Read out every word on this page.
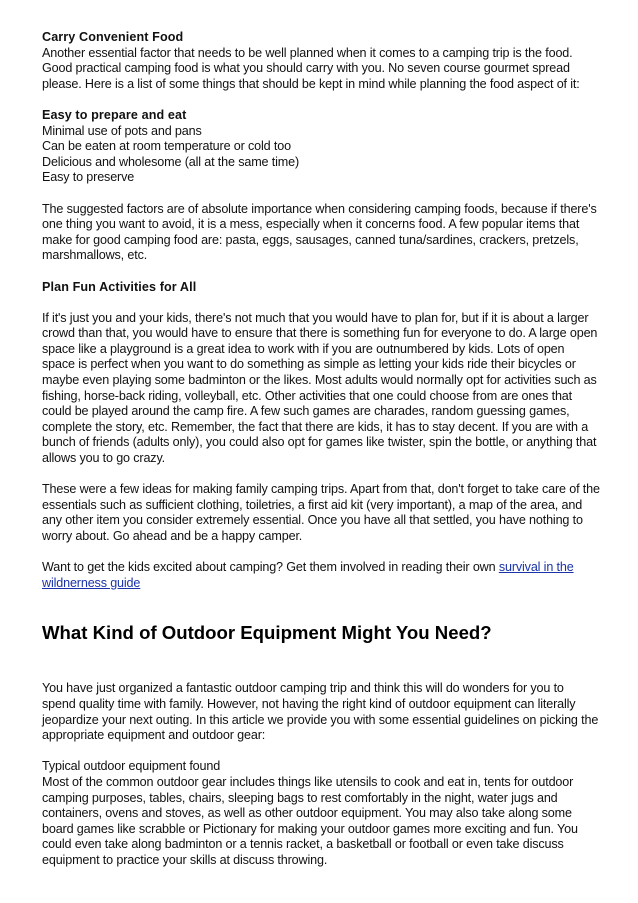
Carry Convenient Food

Another essential factor that needs to be well planned when it comes to a camping trip is the food. Good practical camping food is what you should carry with you. No seven course gourmet spread please. Here is a list of some things that should be kept in mind while planning the food aspect of it:

Easy to prepare and eat

Minimal use of pots and pans
Can be eaten at room temperature or cold too
Delicious and wholesome (all at the same time)
Easy to preserve

The suggested factors are of absolute importance when considering camping foods, because if there's one thing you want to avoid, it is a mess, especially when it concerns food. A few popular items that make for good camping food are: pasta, eggs, sausages, canned tuna/sardines, crackers, pretzels, marshmallows, etc.

Plan Fun Activities for All

If it's just you and your kids, there's not much that you would have to plan for, but if it is about a larger crowd than that, you would have to ensure that there is something fun for everyone to do. A large open space like a playground is a great idea to work with if you are outnumbered by kids. Lots of open space is perfect when you want to do something as simple as letting your kids ride their bicycles or maybe even playing some badminton or the likes. Most adults would normally opt for activities such as fishing, horse-back riding, volleyball, etc. Other activities that one could choose from are ones that could be played around the camp fire. A few such games are charades, random guessing games, complete the story, etc. Remember, the fact that there are kids, it has to stay decent. If you are with a bunch of friends (adults only), you could also opt for games like twister, spin the bottle, or anything that allows you to go crazy.

These were a few ideas for making family camping trips. Apart from that, don't forget to take care of the essentials such as sufficient clothing, toiletries, a first aid kit (very important), a map of the area, and any other item you consider extremely essential. Once you have all that settled, you have nothing to worry about. Go ahead and be a happy camper.

Want to get the kids excited about camping? Get them involved in reading their own survival in the wildnerness guide

What Kind of Outdoor Equipment Might You Need?

You have just organized a fantastic outdoor camping trip and think this will do wonders for you to spend quality time with family. However, not having the right kind of outdoor equipment can literally jeopardize your next outing. In this article we provide you with some essential guidelines on picking the appropriate equipment and outdoor gear:

Typical outdoor equipment found

Most of the common outdoor gear includes things like utensils to cook and eat in, tents for outdoor camping purposes, tables, chairs, sleeping bags to rest comfortably in the night, water jugs and containers, ovens and stoves, as well as other outdoor equipment. You may also take along some board games like scrabble or Pictionary for making your outdoor games more exciting and fun. You could even take along badminton or a tennis racket, a basketball or football or even take discuss equipment to practice your skills at discuss throwing.
